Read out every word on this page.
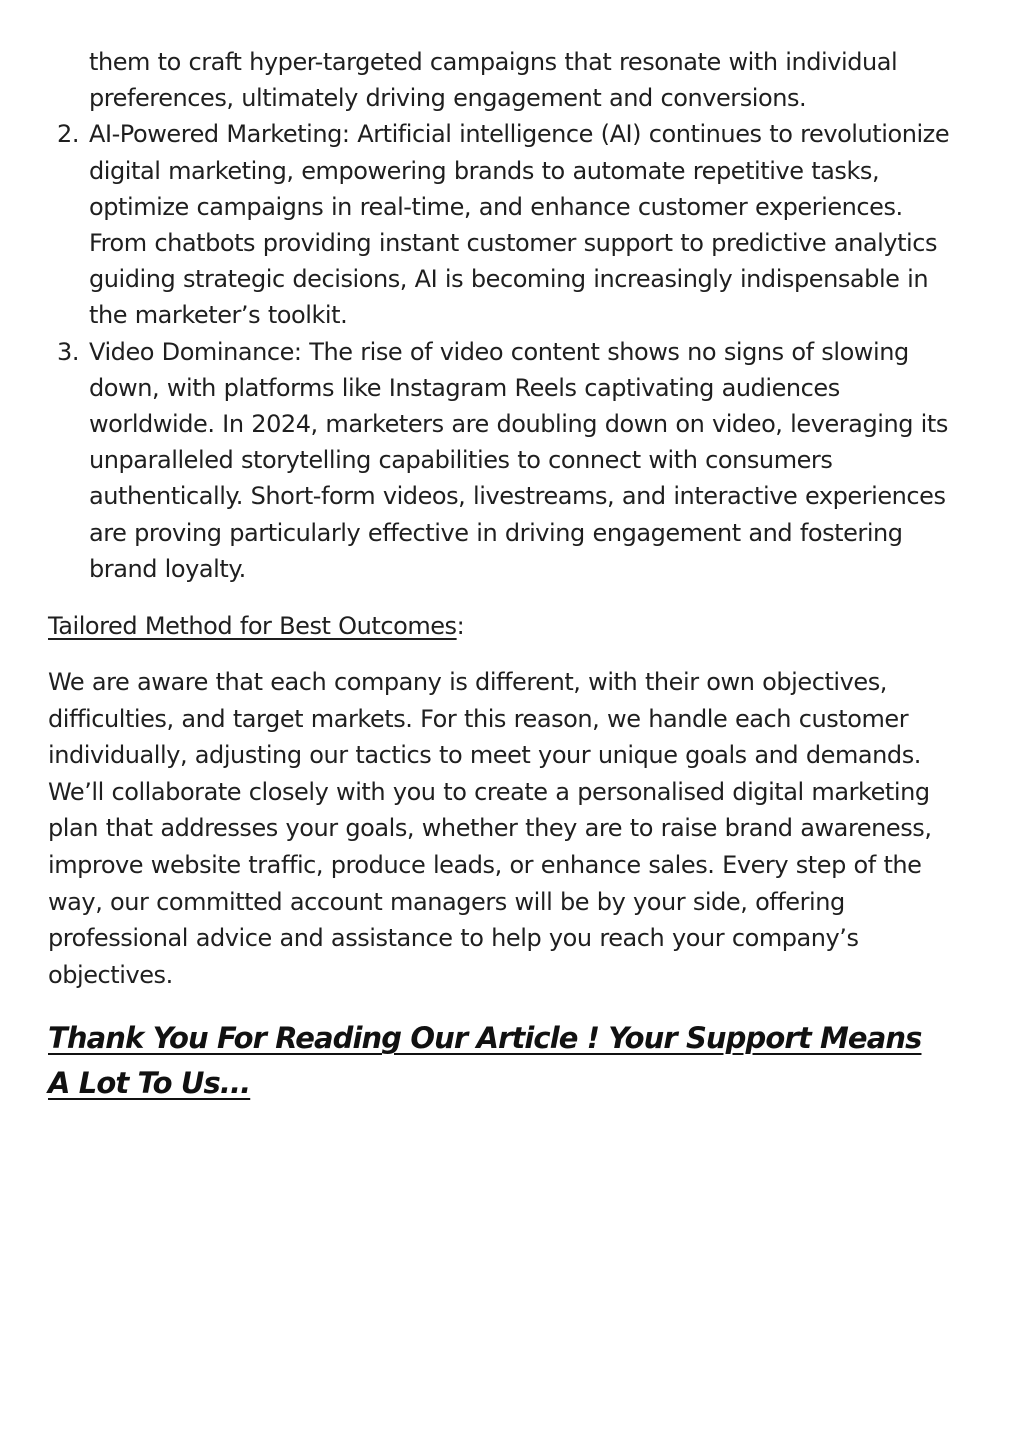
them to craft hyper-targeted campaigns that resonate with individual preferences, ultimately driving engagement and conversions.
2. AI-Powered Marketing: Artificial intelligence (AI) continues to revolutionize digital marketing, empowering brands to automate repetitive tasks, optimize campaigns in real-time, and enhance customer experiences. From chatbots providing instant customer support to predictive analytics guiding strategic decisions, AI is becoming increasingly indispensable in the marketer’s toolkit.
3. Video Dominance: The rise of video content shows no signs of slowing down, with platforms like Instagram Reels captivating audiences worldwide. In 2024, marketers are doubling down on video, leveraging its unparalleled storytelling capabilities to connect with consumers authentically. Short-form videos, livestreams, and interactive experiences are proving particularly effective in driving engagement and fostering brand loyalty.
Tailored Method for Best Outcomes:
We are aware that each company is different, with their own objectives, difficulties, and target markets. For this reason, we handle each customer individually, adjusting our tactics to meet your unique goals and demands. We’ll collaborate closely with you to create a personalised digital marketing plan that addresses your goals, whether they are to raise brand awareness, improve website traffic, produce leads, or enhance sales. Every step of the way, our committed account managers will be by your side, offering professional advice and assistance to help you reach your company’s objectives.
Thank You For Reading Our Article ! Your Support Means A Lot To Us...
